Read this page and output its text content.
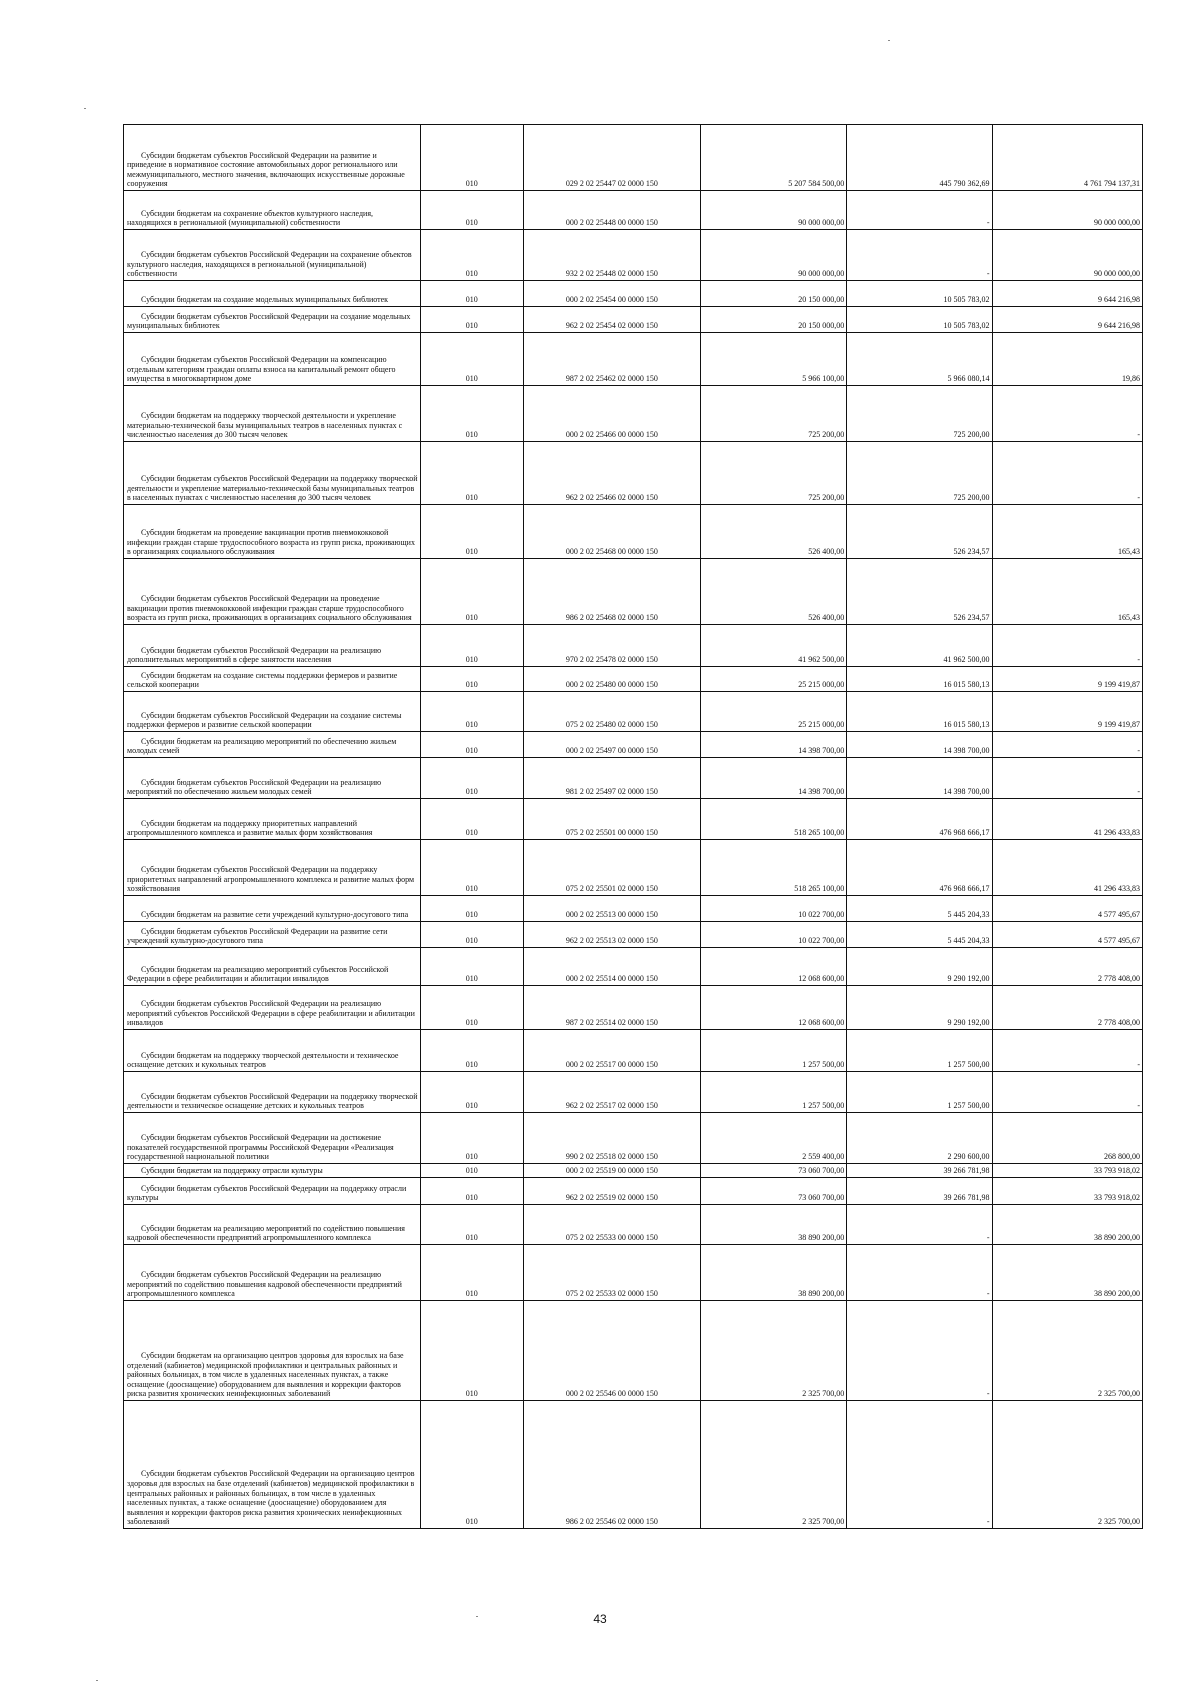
Субсидии бюджетам субъектов Российской Федерации на развитие и приведение в нормативное состояние автомобильных дорог регионального или межмуниципального, местного значения, включающих искусственные дорожные сооружения	010	029 2 02 25447 02 0000 150	5 207 584 500,00	445 790 362,69	4 761 794 137,31

Субсидии бюджетам на сохранение объектов культурного наследия, находящихся в региональной (муниципальной) собственности	010	000 2 02 25448 00 0000 150	90 000 000,00	-	90 000 000,00

Субсидии бюджетам субъектов Российской Федерации на сохранение объектов культурного наследия, находящихся в региональной (муниципальной) собственности	010	932 2 02 25448 02 0000 150	90 000 000,00	-	90 000 000,00

Субсидии бюджетам на создание модельных муниципальных библиотек	010	000 2 02 25454 00 0000 150	20 150 000,00	10 505 783,02	9 644 216,98

Субсидии бюджетам субъектов Российской Федерации на создание модельных муниципальных библиотек	010	962 2 02 25454 02 0000 150	20 150 000,00	10 505 783,02	9 644 216,98

Субсидии бюджетам субъектов Российской Федерации на компенсацию отдельным категориям граждан оплаты взноса на капитальный ремонт общего имущества в многоквартирном доме	010	987 2 02 25462 02 0000 150	5 966 100,00	5 966 080,14	19,86

Субсидии бюджетам на поддержку творческой деятельности и укрепление материально-технической базы муниципальных театров в населенных пунктах с численностью населения до 300 тысяч человек	010	000 2 02 25466 00 0000 150	725 200,00	725 200,00	-

Субсидии бюджетам субъектов Российской Федерации на поддержку творческой деятельности и укрепление материально-технической базы муниципальных театров в населенных пунктах с численностью населения до 300 тысяч человек	010	962 2 02 25466 02 0000 150	725 200,00	725 200,00	-

Субсидии бюджетам на проведение вакцинации против пневмококковой инфекции граждан старше трудоспособного возраста из групп риска, проживающих в организациях социального обслуживания	010	000 2 02 25468 00 0000 150	526 400,00	526 234,57	165,43

Субсидии бюджетам субъектов Российской Федерации на проведение вакцинации против пневмококковой инфекции граждан старше трудоспособного возраста из групп риска, проживающих в организациях социального обслуживания	010	986 2 02 25468 02 0000 150	526 400,00	526 234,57	165,43

Субсидии бюджетам субъектов Российской Федерации на реализацию дополнительных мероприятий в сфере занятости населения	010	970 2 02 25478 02 0000 150	41 962 500,00	41 962 500,00	-

Субсидии бюджетам на создание системы поддержки фермеров и развитие сельской кооперации	010	000 2 02 25480 00 0000 150	25 215 000,00	16 015 580,13	9 199 419,87

Субсидии бюджетам субъектов Российской Федерации на создание системы поддержки фермеров и развитие сельской кооперации	010	075 2 02 25480 02 0000 150	25 215 000,00	16 015 580,13	9 199 419,87

Субсидии бюджетам на реализацию мероприятий по обеспечению жильем молодых семей	010	000 2 02 25497 00 0000 150	14 398 700,00	14 398 700,00	-

Субсидии бюджетам субъектов Российской Федерации на реализацию мероприятий по обеспечению жильем молодых семей	010	981 2 02 25497 02 0000 150	14 398 700,00	14 398 700,00	-

Субсидии бюджетам на поддержку приоритетных направлений агропромышленного комплекса и развитие малых форм хозяйствования	010	075 2 02 25501 00 0000 150	518 265 100,00	476 968 666,17	41 296 433,83

Субсидии бюджетам субъектов Российской Федерации на поддержку приоритетных направлений агропромышленного комплекса и развитие малых форм хозяйствования	010	075 2 02 25501 02 0000 150	518 265 100,00	476 968 666,17	41 296 433,83

Субсидии бюджетам на развитие сети учреждений культурно-досугового типа	010	000 2 02 25513 00 0000 150	10 022 700,00	5 445 204,33	4 577 495,67

Субсидии бюджетам субъектов Российской Федерации на развитие сети учреждений культурно-досугового типа	010	962 2 02 25513 02 0000 150	10 022 700,00	5 445 204,33	4 577 495,67

Субсидии бюджетам на реализацию мероприятий субъектов Российской Федерации в сфере реабилитации и абилитации инвалидов	010	000 2 02 25514 00 0000 150	12 068 600,00	9 290 192,00	2 778 408,00

Субсидии бюджетам субъектов Российской Федерации на реализацию мероприятий субъектов Российской Федерации в сфере реабилитации и абилитации инвалидов	010	987 2 02 25514 02 0000 150	12 068 600,00	9 290 192,00	2 778 408,00

Субсидии бюджетам на поддержку творческой деятельности и техническое оснащение детских и кукольных театров	010	000 2 02 25517 00 0000 150	1 257 500,00	1 257 500,00	-

Субсидии бюджетам субъектов Российской Федерации на поддержку творческой деятельности и техническое оснащение детских и кукольных театров	010	962 2 02 25517 02 0000 150	1 257 500,00	1 257 500,00	-

Субсидии бюджетам субъектов Российской Федерации на достижение показателей государственной программы Российской Федерации «Реализация государственной национальной политики	010	990 2 02 25518 02 0000 150	2 559 400,00	2 290 600,00	268 800,00

Субсидии бюджетам на поддержку отрасли культуры	010	000 2 02 25519 00 0000 150	73 060 700,00	39 266 781,98	33 793 918,02

Субсидии бюджетам субъектов Российской Федерации на поддержку отрасли культуры	010	962 2 02 25519 02 0000 150	73 060 700,00	39 266 781,98	33 793 918,02

Субсидии бюджетам на реализацию мероприятий по содействию повышения кадровой обеспеченности предприятий агропромышленного комплекса	010	075 2 02 25533 00 0000 150	38 890 200,00	-	38 890 200,00

Субсидии бюджетам субъектов Российской Федерации на реализацию мероприятий по содействию повышения кадровой обеспеченности предприятий агропромышленного комплекса	010	075 2 02 25533 02 0000 150	38 890 200,00	-	38 890 200,00

Субсидии бюджетам на организацию центров здоровья для взрослых на базе отделений (кабинетов) медицинской профилактики и центральных районных и районных больницах, в том числе в удаленных населенных пунктах, а также оснащение (дооснащение) оборудованием для выявления и коррекции факторов риска развития хронических неинфекционных заболеваний	010	000 2 02 25546 00 0000 150	2 325 700,00	-	2 325 700,00

Субсидии бюджетам субъектов Российской Федерации на организацию центров здоровья для взрослых на базе отделений (кабинетов) медицинской профилактики в центральных районных и районных больницах, в том числе в удаленных населенных пунктах, а также оснащение (дооснащение) оборудованием для выявления и коррекции факторов риска развития хронических неинфекционных заболеваний	010	986 2 02 25546 02 0000 150	2 325 700,00	-	2 325 700,00
43
